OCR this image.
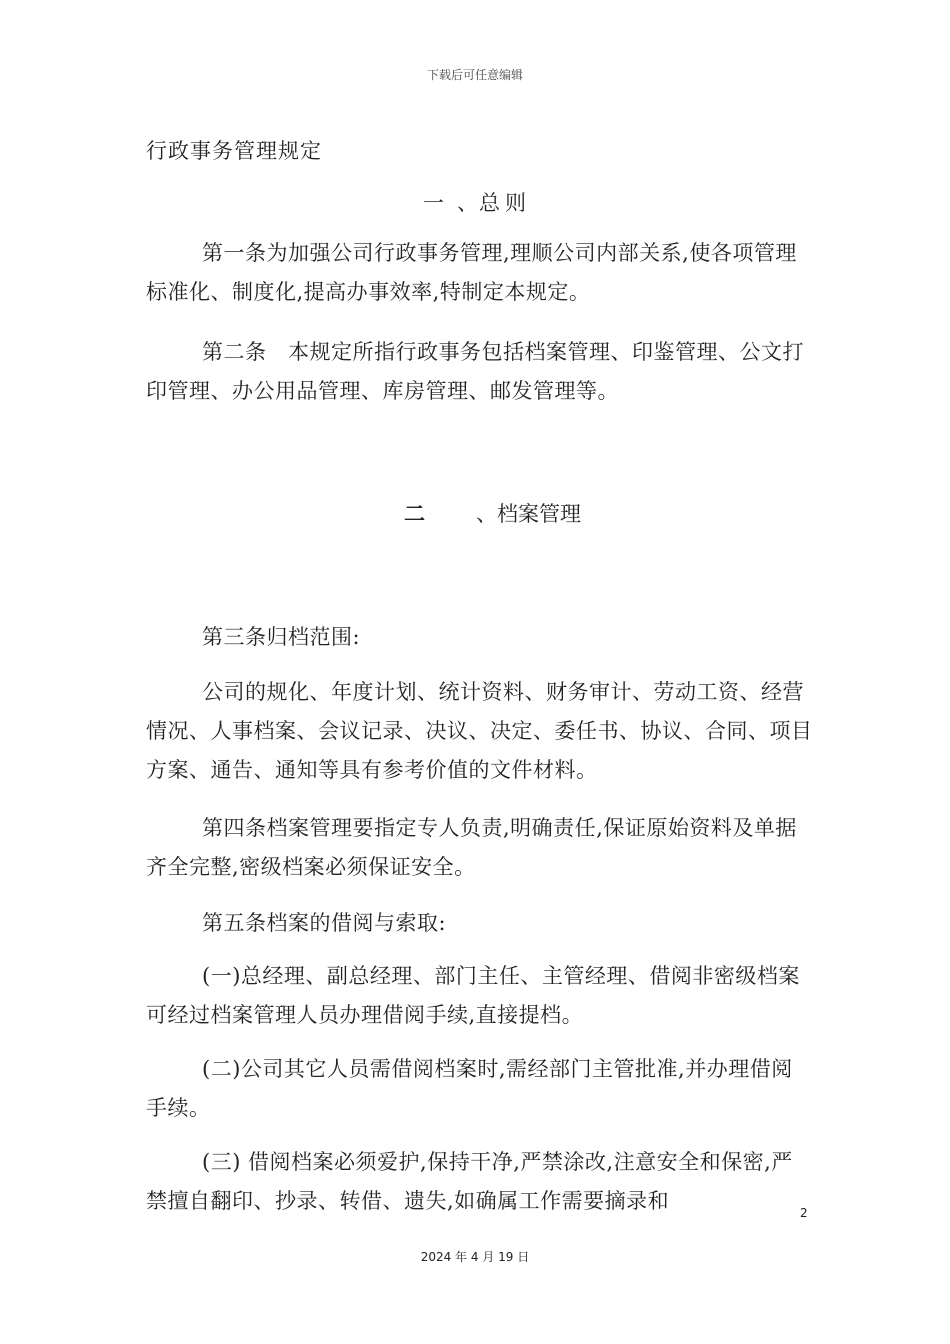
下载后可任意编辑
行政事务管理规定
一 、总 则
第一条为加强公司行政事务管理,理顺公司内部关系,使各项管理标准化、制度化,提高办事效率,特制定本规定。
第二条　本规定所指行政事务包括档案管理、印鉴管理、公文打印管理、办公用品管理、库房管理、邮发管理等。
二 、档案管理
第三条归档范围:
公司的规化、年度计划、统计资料、财务审计、劳动工资、经营情况、人事档案、会议记录、决议、决定、委任书、协议、合同、项目方案、通告、通知等具有参考价值的文件材料。
第四条档案管理要指定专人负责,明确责任,保证原始资料及单据齐全完整,密级档案必须保证安全。
第五条档案的借阅与索取:
(一)总经理、副总经理、部门主任、主管经理、借阅非密级档案可经过档案管理人员办理借阅手续,直接提档。
(二)公司其它人员需借阅档案时,需经部门主管批准,并办理借阅手续。
(三) 借阅档案必须爱护,保持干净,严禁涂改,注意安全和保密,严禁擅自翻印、抄录、转借、遗失,如确属工作需要摘录和	2
2024 年 4 月 19 日
